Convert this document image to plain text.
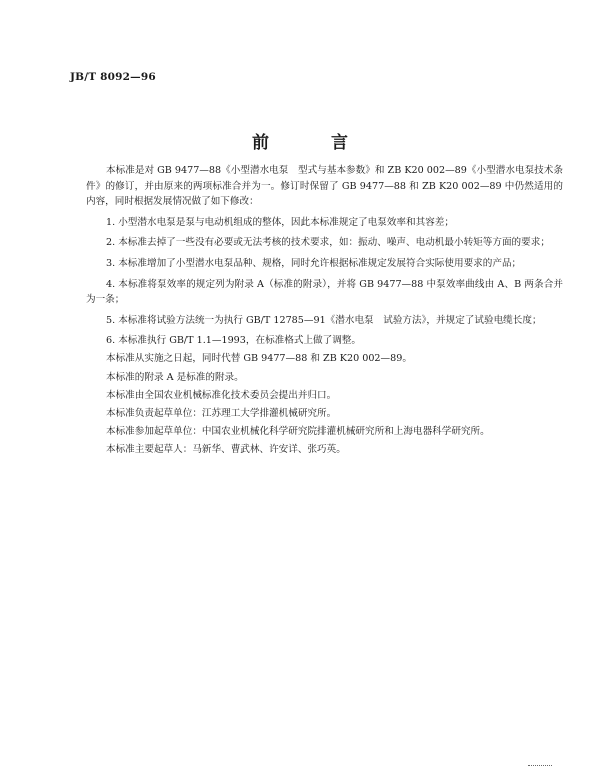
JB/T 8092—96
前 言

本标准是对 GB 9477—88《小型潜水电泵　型式与基本参数》和 ZB K20 002—89《小型潜水电泵技术条件》的修订，并由原来的两项标准合并为一。修订时保留了 GB 9477—88 和 ZB K20 002—89 中仍然适用的内容，同时根据发展情况做了如下修改：

1. 小型潜水电泵是泵与电动机组成的整体，因此本标准规定了电泵效率和其容差；

2. 本标准去掉了一些没有必要或无法考核的技术要求，如：振动、噪声、电动机最小转矩等方面的要求；

3. 本标准增加了小型潜水电泵品种、规格，同时允许根据标准规定发展符合实际使用要求的产品；

4. 本标准将泵效率的规定列为附录 A（标准的附录），并将 GB 9477—88 中泵效率曲线由 A、B 两条合并为一条；

5. 本标准将试验方法统一为执行 GB/T 12785—91《潜水电泵　试验方法》，并规定了试验电缆长度；

6. 本标准执行 GB/T 1.1—1993，在标准格式上做了调整。

本标准从实施之日起，同时代替 GB 9477—88 和 ZB K20 002—89。

本标准的附录 A 是标准的附录。

本标准由全国农业机械标准化技术委员会提出并归口。

本标准负责起草单位：江苏理工大学排灌机械研究所。

本标准参加起草单位：中国农业机械化科学研究院排灌机械研究所和上海电器科学研究所。

本标准主要起草人：马新华、曹武林、许安详、张巧英。
